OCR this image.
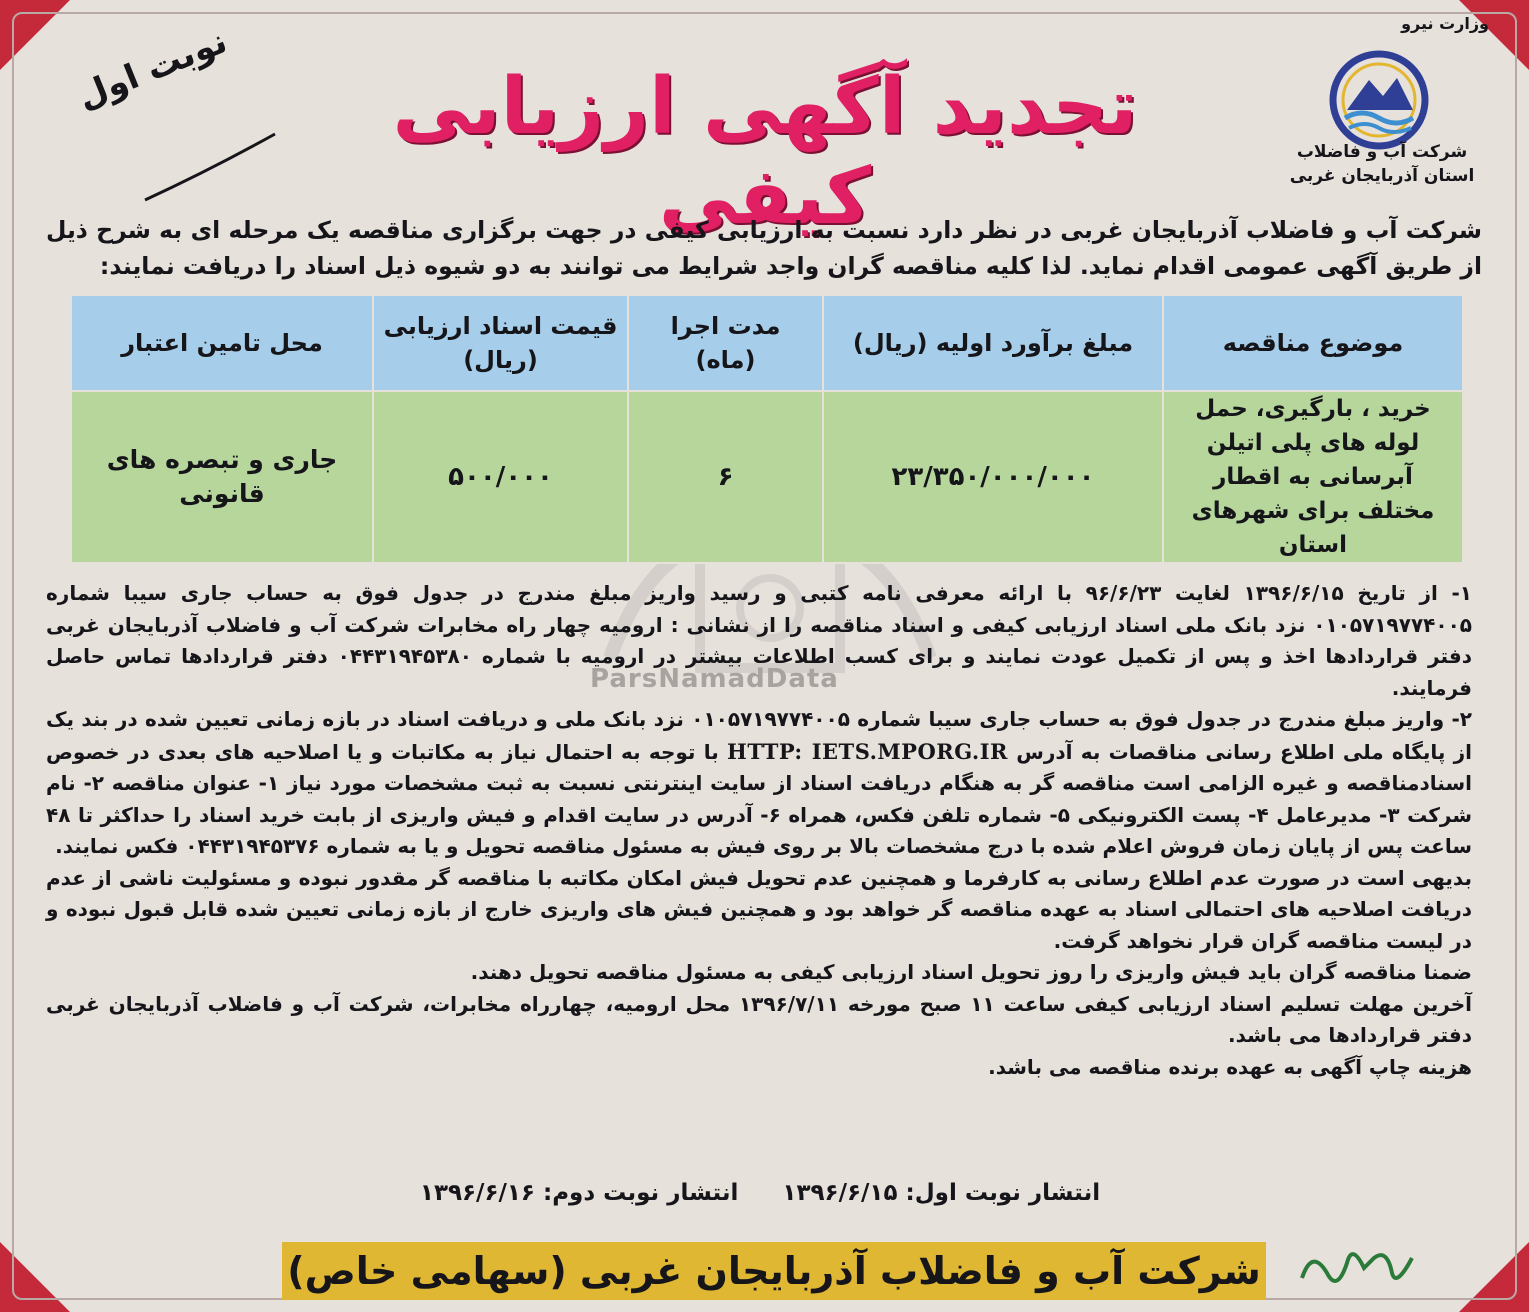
ParsNamadData
وزارت نیرو
شرکت آب و فاضلاب
استان آذربایجان غربی
تجدید آگهی ارزیابی کیفی
نوبت اول
شرکت آب و فاضلاب آذربایجان غربی در نظر دارد نسبت به ارزیابی کیفی در جهت برگزاری مناقصه یک مرحله ای به شرح ذیل از طریق آگهی عمومی اقدام نماید. لذا کلیه مناقصه گران واجد شرایط می توانند به دو شیوه ذیل اسناد را دریافت نمایند:
موضوع مناقصه	مبلغ برآورد اولیه (ریال)	مدت اجرا (ماه)	قیمت اسناد ارزیابی (ریال)	محل تامین اعتبار
خرید ، بارگیری، حمل لوله های پلی اتیلن آبرسانی به اقطار مختلف برای شهرهای استان	۲۳/۳۵۰/۰۰۰/۰۰۰	۶	۵۰۰/۰۰۰	جاری و تبصره های قانونی

۱- از تاریخ ۱۳۹۶/۶/۱۵ لغایت ۹۶/۶/۲۳ با ارائه معرفی نامه کتبی و رسید واریز مبلغ مندرج در جدول فوق به حساب جاری سیبا شماره ۰۱۰۵۷۱۹۷۷۴۰۰۵ نزد بانک ملی اسناد ارزیابی کیفی و اسناد مناقصه را از نشانی : ارومیه چهار راه مخابرات شرکت آب و فاضلاب آذربایجان غربی دفتر قراردادها اخذ و پس از تکمیل عودت نمایند و برای کسب اطلاعات بیشتر در ارومیه با شماره ۰۴۴۳۱۹۴۵۳۸۰ دفتر قراردادها تماس حاصل فرمایند.

۲- واریز مبلغ مندرج در جدول فوق به حساب جاری سیبا شماره ۰۱۰۵۷۱۹۷۷۴۰۰۵ نزد بانک ملی و دریافت اسناد در بازه زمانی تعیین شده در بند یک از پایگاه ملی اطلاع رسانی مناقصات به آدرس HTTP: IETS.MPORG.IR با توجه به احتمال نیاز به مکاتبات و یا اصلاحیه های بعدی در خصوص اسنادمناقصه و غیره الزامی است مناقصه گر به هنگام دریافت اسناد از سایت اینترنتی نسبت به ثبت مشخصات مورد نیاز ۱- عنوان مناقصه ۲- نام شرکت ۳- مدیرعامل ۴- پست الکترونیکی ۵- شماره تلفن فکس، همراه ۶- آدرس در سایت اقدام و فیش واریزی از بابت خرید اسناد را حداکثر تا ۴۸ ساعت پس از پایان زمان فروش اعلام شده با درج مشخصات بالا بر روی فیش به مسئول مناقصه تحویل و یا به شماره ۰۴۴۳۱۹۴۵۳۷۶ فکس نمایند.

بدیهی است در صورت عدم اطلاع رسانی به کارفرما و همچنین عدم تحویل فیش امکان مکاتبه با مناقصه گر مقدور نبوده و مسئولیت ناشی از عدم دریافت اصلاحیه های احتمالی اسناد به عهده مناقصه گر خواهد بود و همچنین فیش های واریزی خارج از بازه زمانی تعیین شده قابل قبول نبوده و در لیست مناقصه گران قرار نخواهد گرفت.

ضمنا مناقصه گران باید فیش واریزی را روز تحویل اسناد ارزیابی کیفی به مسئول مناقصه تحویل دهند.

آخرین مهلت تسلیم اسناد ارزیابی کیفی ساعت ۱۱ صبح مورخه ۱۳۹۶/۷/۱۱ محل ارومیه، چهارراه مخابرات، شرکت آب و فاضلاب آذربایجان غربی دفتر قراردادها می باشد.

هزینه چاپ آگهی به عهده برنده مناقصه می باشد.

انتشار نوبت اول: ۱۳۹۶/۶/۱۵  انتشار نوبت دوم: ۱۳۹۶/۶/۱۶
شرکت آب و فاضلاب آذربایجان غربی (سهامی خاص)
